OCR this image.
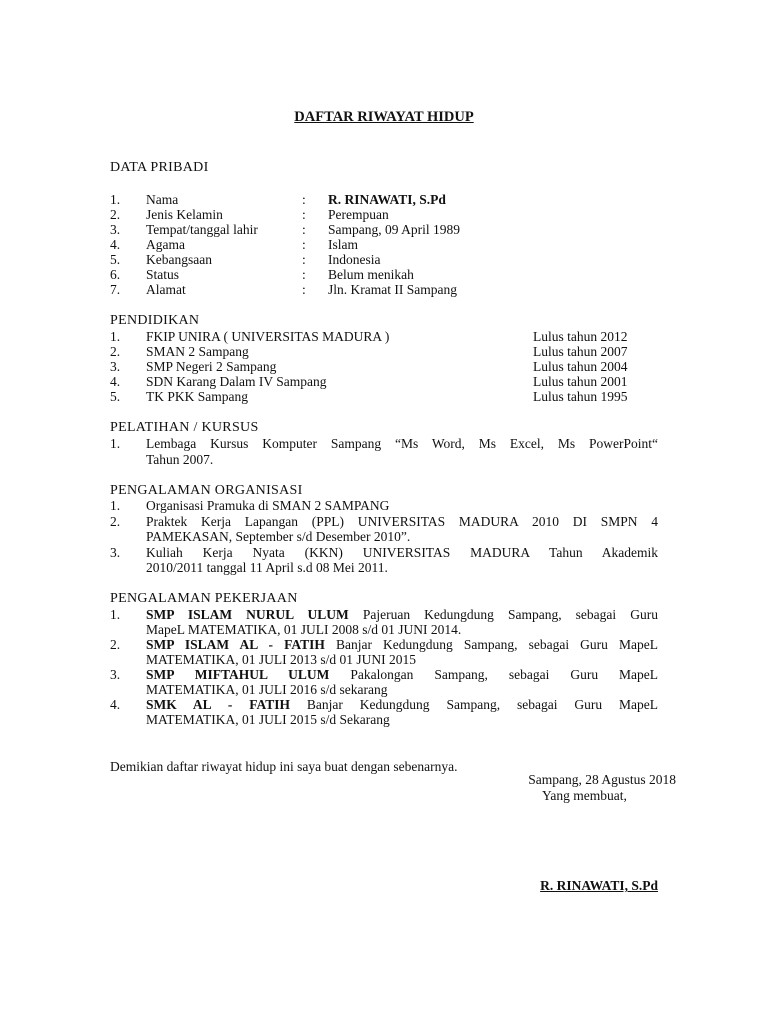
DAFTAR RIWAYAT HIDUP
DATA PRIBADI
1. Nama	: R. RINAWATI, S.Pd
2. Jenis Kelamin	: Perempuan
3. Tempat/tanggal lahir	: Sampang, 09 April 1989
4. Agama	: Islam
5. Kebangsaan	: Indonesia
6. Status	: Belum menikah
7. Alamat	: Jln. Kramat II Sampang
PENDIDIKAN
1. FKIP UNIRA ( UNIVERSITAS MADURA )	Lulus tahun 2012
2. SMAN 2 Sampang	Lulus tahun 2007
3. SMP Negeri 2 Sampang	Lulus tahun 2004
4. SDN Karang Dalam IV Sampang	Lulus tahun 2001
5. TK PKK Sampang	Lulus tahun 1995
PELATIHAN / KURSUS
1. Lembaga Kursus Komputer Sampang “Ms Word, Ms Excel, Ms PowerPoint“
Tahun 2007.
PENGALAMAN ORGANISASI
1. Organisasi Pramuka di SMAN 2 SAMPANG
2. Praktek Kerja Lapangan (PPL) UNIVERSITAS MADURA 2010 DI SMPN 4
PAMEKASAN, September s/d Desember 2010”.
3. Kuliah Kerja Nyata (KKN) UNIVERSITAS MADURA Tahun Akademik
2010/2011 tanggal 11 April s.d 08 Mei 2011.
PENGALAMAN PEKERJAAN
1. SMP ISLAM NURUL ULUM Pajeruan Kedungdung Sampang, sebagai Guru
MapeL MATEMATIKA, 01 JULI 2008 s/d 01 JUNI 2014.
2. SMP ISLAM AL - FATIH Banjar Kedungdung Sampang, sebagai Guru MapeL
MATEMATIKA, 01 JULI 2013 s/d 01 JUNI 2015
3. SMP MIFTAHUL ULUM Pakalongan Sampang, sebagai Guru MapeL
MATEMATIKA, 01 JULI 2016 s/d sekarang
4. SMK AL - FATIH Banjar Kedungdung Sampang, sebagai Guru MapeL
MATEMATIKA, 01 JULI 2015 s/d Sekarang
Demikian daftar riwayat hidup ini saya buat dengan sebenarnya.
Sampang, 28 Agustus 2018
Yang membuat,
R. RINAWATI, S.Pd
